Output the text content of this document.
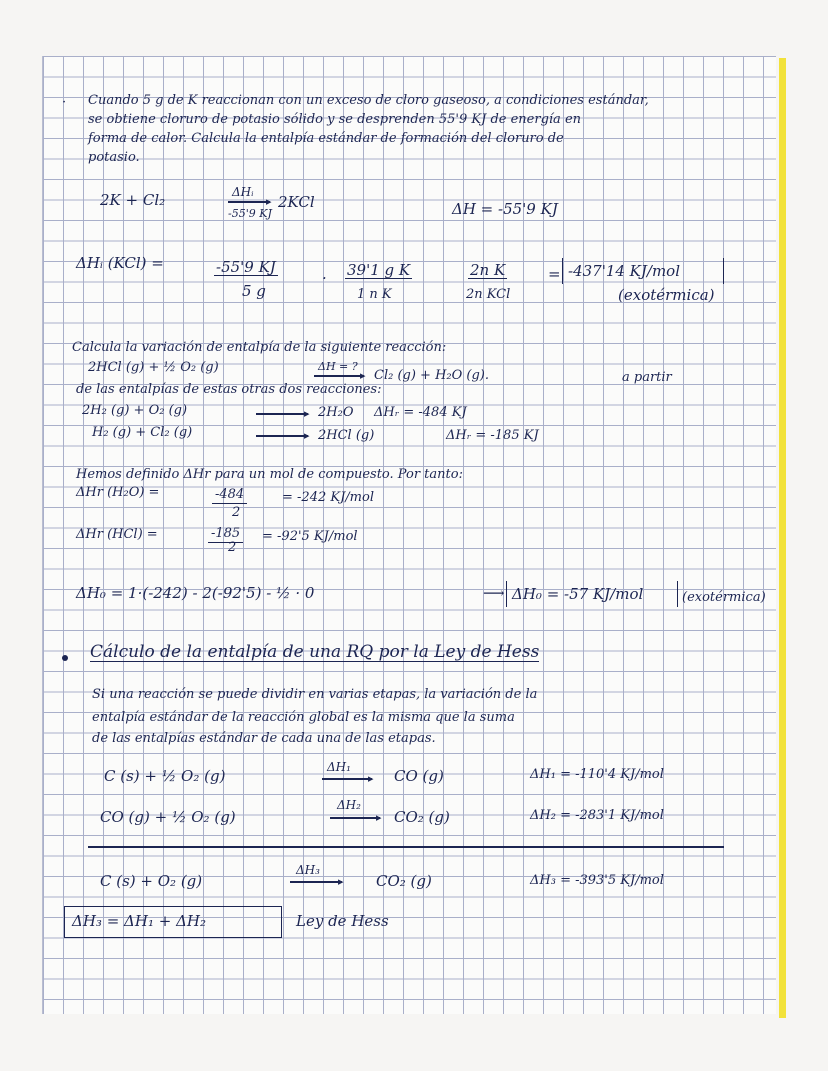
· Cuando 5 g de K reaccionan con un exceso de cloro gaseoso, a condiciones estándar,
se obtiene cloruro de potasio sólido y se desprenden 55'9 KJ de energía en
forma de calor. Calcula la entalpía estándar de formación del cloruro de
potasio.
2K + Cl₂	ΔHᵢ
▸
-55'9 KJ
2KCl	ΔH = -55'9 KJ
ΔHᵢ (KCl) =	-55'9 KJ
5 g
· 39'1 g K
1 n K
2n K
2n KCl
= -437'14 KJ/mol
(exotérmica)
Calcula la variación de entalpía de la siguiente reacción:
2HCl (g) + ½ O₂ (g)	ΔH = ?
▸ Cl₂ (g) + H₂O (g).	a partir
de las entalpías de estas otras dos reacciones:
2H₂ (g) + O₂ (g)	▸ 2H₂O ΔHᵣ = -484 KJ
H₂ (g) + Cl₂ (g)	▸ 2HCl (g)	ΔHᵣ = -185 KJ
Hemos definido ΔHr para un mol de compuesto. Por tanto:
ΔHr (H₂O) =	-484
2
= -242 KJ/mol
ΔHr (HCl) =	-185
2
= -92'5 KJ/mol
ΔH₀ = 1·(-242) - 2(-92'5) - ½ · 0	⟶ ΔH₀ = -57 KJ/mol	(exotérmica)
Cálculo de la entalpía de una RQ por la Ley de Hess
Si una reacción se puede dividir en varias etapas, la variación de la
entalpía estándar de la reacción global es la misma que la suma
de las entalpías estándar de cada una de las etapas.
C (s) + ½ O₂ (g)	ΔH₁
▸ CO (g)	ΔH₁ = -110'4 KJ/mol
CO (g) + ½ O₂ (g)
ΔH₂
▸ CO₂ (g)	ΔH₂ = -283'1 KJ/mol
C (s) + O₂ (g)
ΔH₃
▸ CO₂ (g)	ΔH₃ = -393'5 KJ/mol
ΔH₃ = ΔH₁ + ΔH₂	Ley de Hess
